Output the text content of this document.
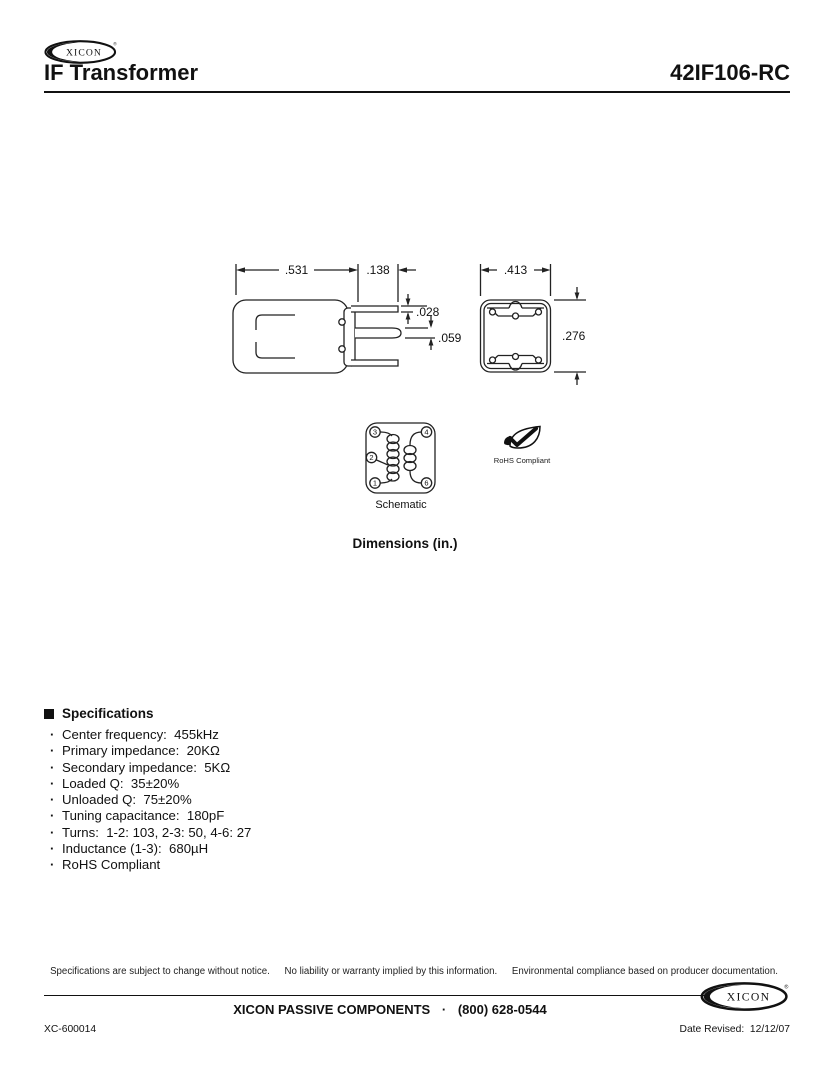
XICON
®
IF Transformer	42IF106-RC
.531	.138
.028
.059
.413
.276
3
2
1
4
6
Schematic
RoHS Compliant
Dimensions (in.)
Specifications
· Center frequency:  455kHz
· Primary impedance:  20KΩ
· Secondary impedance:  5KΩ
· Loaded Q:  35±20%
· Unloaded Q:  75±20%
· Tuning capacitance:  180pF
· Turns:  1-2: 103, 2-3: 50, 4-6: 27
· Inductance (1-3):  680µH
· RoHS Compliant
Specifications are subject to change without notice. No liability or warranty implied by this information. Environmental compliance based on producer documentation.
XICON
®
XICON PASSIVE COMPONENTS · (800) 628-0544
XC-600014	Date Revised:  12/12/07
